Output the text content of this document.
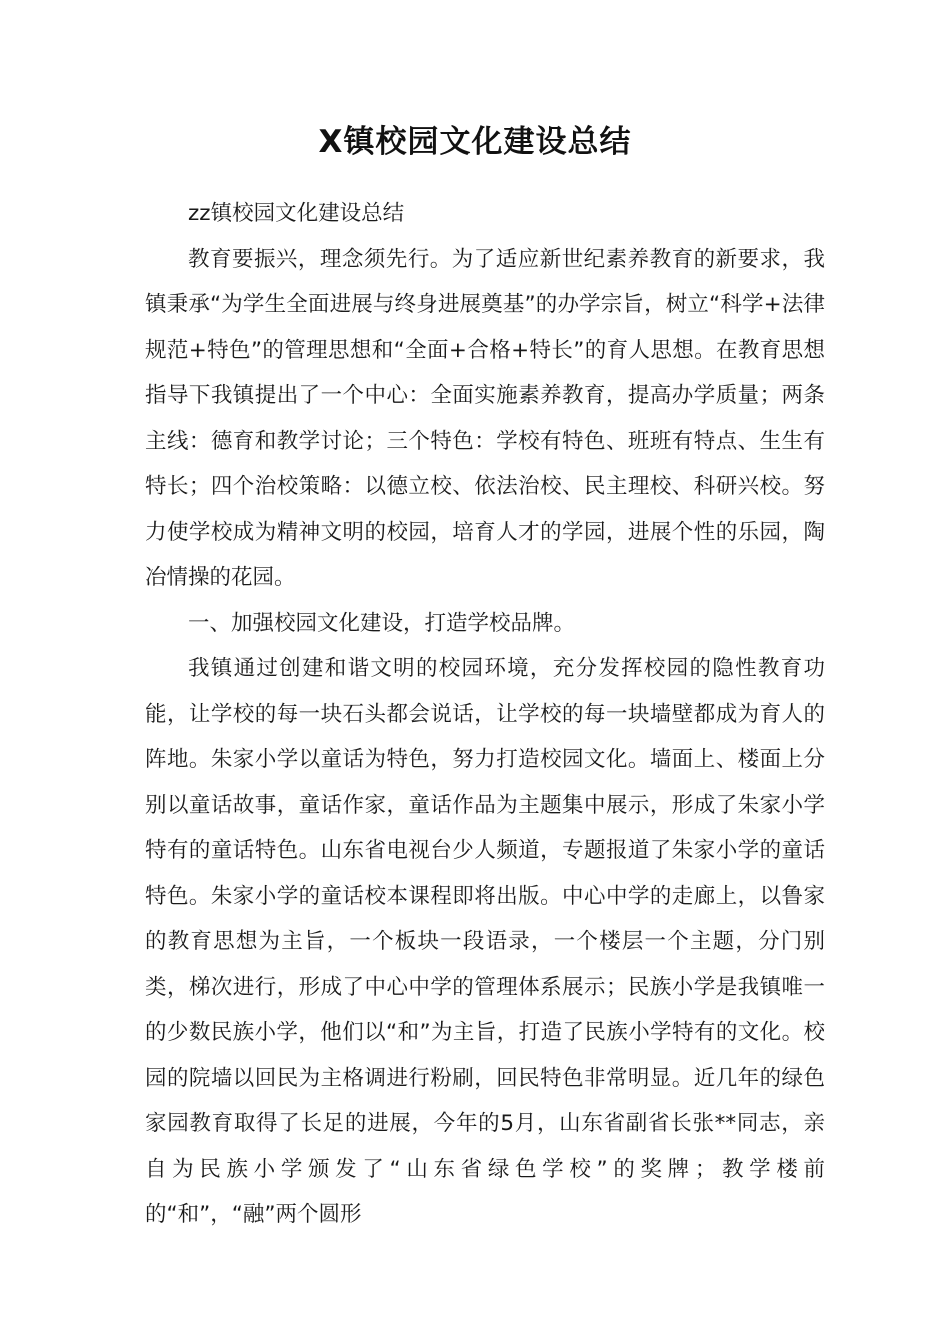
X镇校园文化建设总结

zz镇校园文化建设总结

教育要振兴，理念须先行。为了适应新世纪素养教育的新要求，我镇秉承“为学生全面进展与终身进展奠基”的办学宗旨，树立“科学+法律规范+特色”的管理思想和“全面+合格+特长”的育人思想。在教育思想指导下我镇提出了一个中心：全面实施素养教育，提高办学质量；两条主线：德育和教学讨论；三个特色：学校有特色、班班有特点、生生有特长；四个治校策略：以德立校、依法治校、民主理校、科研兴校。努力使学校成为精神文明的校园，培育人才的学园，进展个性的乐园，陶冶情操的花园。

一、加强校园文化建设，打造学校品牌。

我镇通过创建和谐文明的校园环境，充分发挥校园的隐性教育功能，让学校的每一块石头都会说话，让学校的每一块墙壁都成为育人的阵地。朱家小学以童话为特色，努力打造校园文化。墙面上、楼面上分别以童话故事，童话作家，童话作品为主题集中展示，形成了朱家小学特有的童话特色。山东省电视台少人频道，专题报道了朱家小学的童话特色。朱家小学的童话校本课程即将出版。中心中学的走廊上，以鲁家的教育思想为主旨，一个板块一段语录，一个楼层一个主题，分门别类，梯次进行，形成了中心中学的管理体系展示；民族小学是我镇唯一的少数民族小学，他们以“和”为主旨，打造了民族小学特有的文化。校园的院墙以回民为主格调进行粉刷，回民特色非常明显。近几年的绿色家园教育取得了长足的进展，今年的5月，山东省副省长张**同志，亲自为民族小学颁发了“山东省绿色学校”的奖牌；教学楼前的“和”，“融”两个圆形
